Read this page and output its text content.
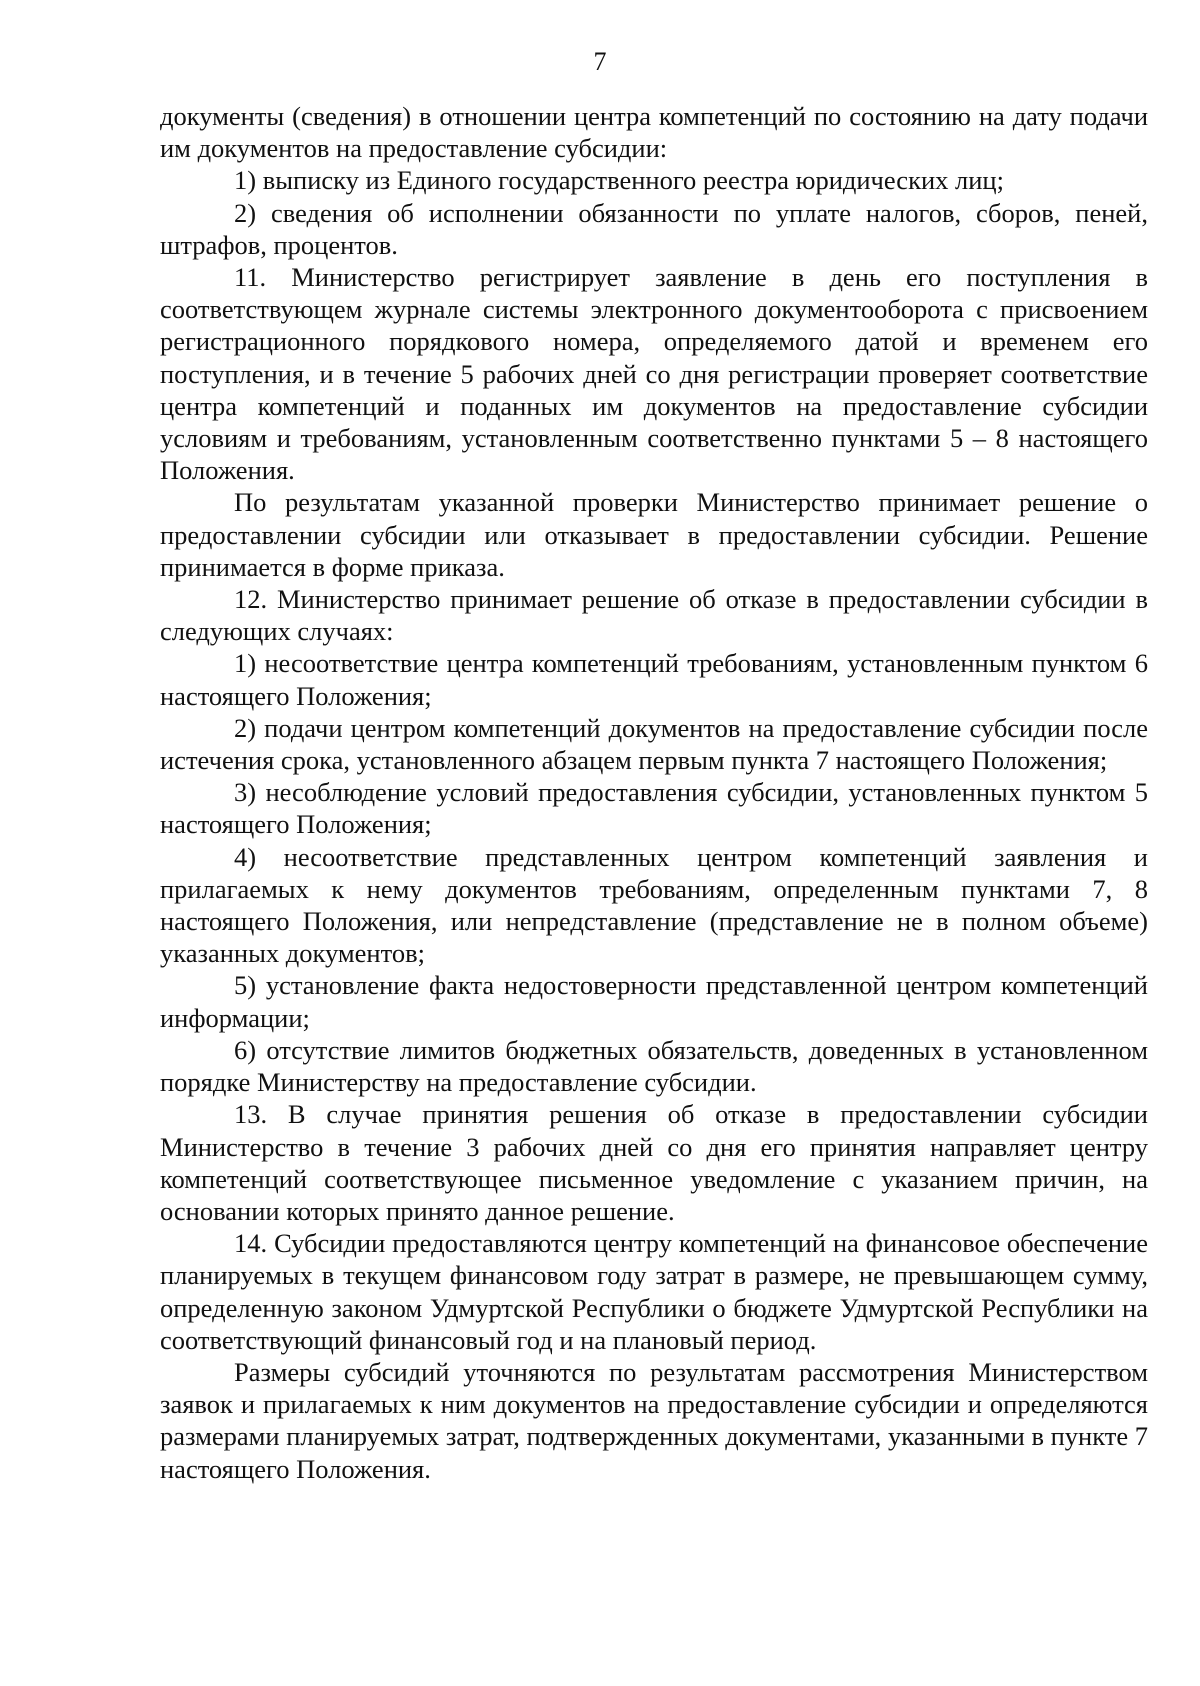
7

документы (сведения) в отношении центра компетенций по состоянию на дату подачи им документов на предоставление субсидии:

1) выписку из Единого государственного реестра юридических лиц;

2) сведения об исполнении обязанности по уплате налогов, сборов, пеней, штрафов, процентов.

11. Министерство регистрирует заявление в день его поступления в соответствующем журнале системы электронного документооборота с присвоением регистрационного порядкового номера, определяемого датой и временем его поступления, и в течение 5 рабочих дней со дня регистрации проверяет соответствие центра компетенций и поданных им документов на предоставление субсидии условиям и требованиям, установленным соответственно пунктами 5 – 8 настоящего Положения.

По результатам указанной проверки Министерство принимает решение о предоставлении субсидии или отказывает в предоставлении субсидии. Решение принимается в форме приказа.

12. Министерство принимает решение об отказе в предоставлении субсидии в следующих случаях:

1) несоответствие центра компетенций требованиям, установленным пунктом 6 настоящего Положения;

2) подачи центром компетенций документов на предоставление субсидии после истечения срока, установленного абзацем первым пункта 7 настоящего Положения;

3) несоблюдение условий предоставления субсидии, установленных пунктом 5 настоящего Положения;

4) несоответствие представленных центром компетенций заявления и прилагаемых к нему документов требованиям, определенным пунктами 7, 8 настоящего Положения, или непредставление (представление не в полном объеме) указанных документов;

5) установление факта недостоверности представленной центром компетенций информации;

6) отсутствие лимитов бюджетных обязательств, доведенных в установленном порядке Министерству на предоставление субсидии.

13. В случае принятия решения об отказе в предоставлении субсидии Министерство в течение 3 рабочих дней со дня его принятия направляет центру компетенций соответствующее письменное уведомление с указанием причин, на основании которых принято данное решение.

14. Субсидии предоставляются центру компетенций на финансовое обеспечение планируемых в текущем финансовом году затрат в размере, не превышающем сумму, определенную законом Удмуртской Республики о бюджете Удмуртской Республики на соответствующий финансовый год и на плановый период.

Размеры субсидий уточняются по результатам рассмотрения Министерством заявок и прилагаемых к ним документов на предоставление субсидии и определяются размерами планируемых затрат, подтвержденных документами, указанными в пункте 7 настоящего Положения.
